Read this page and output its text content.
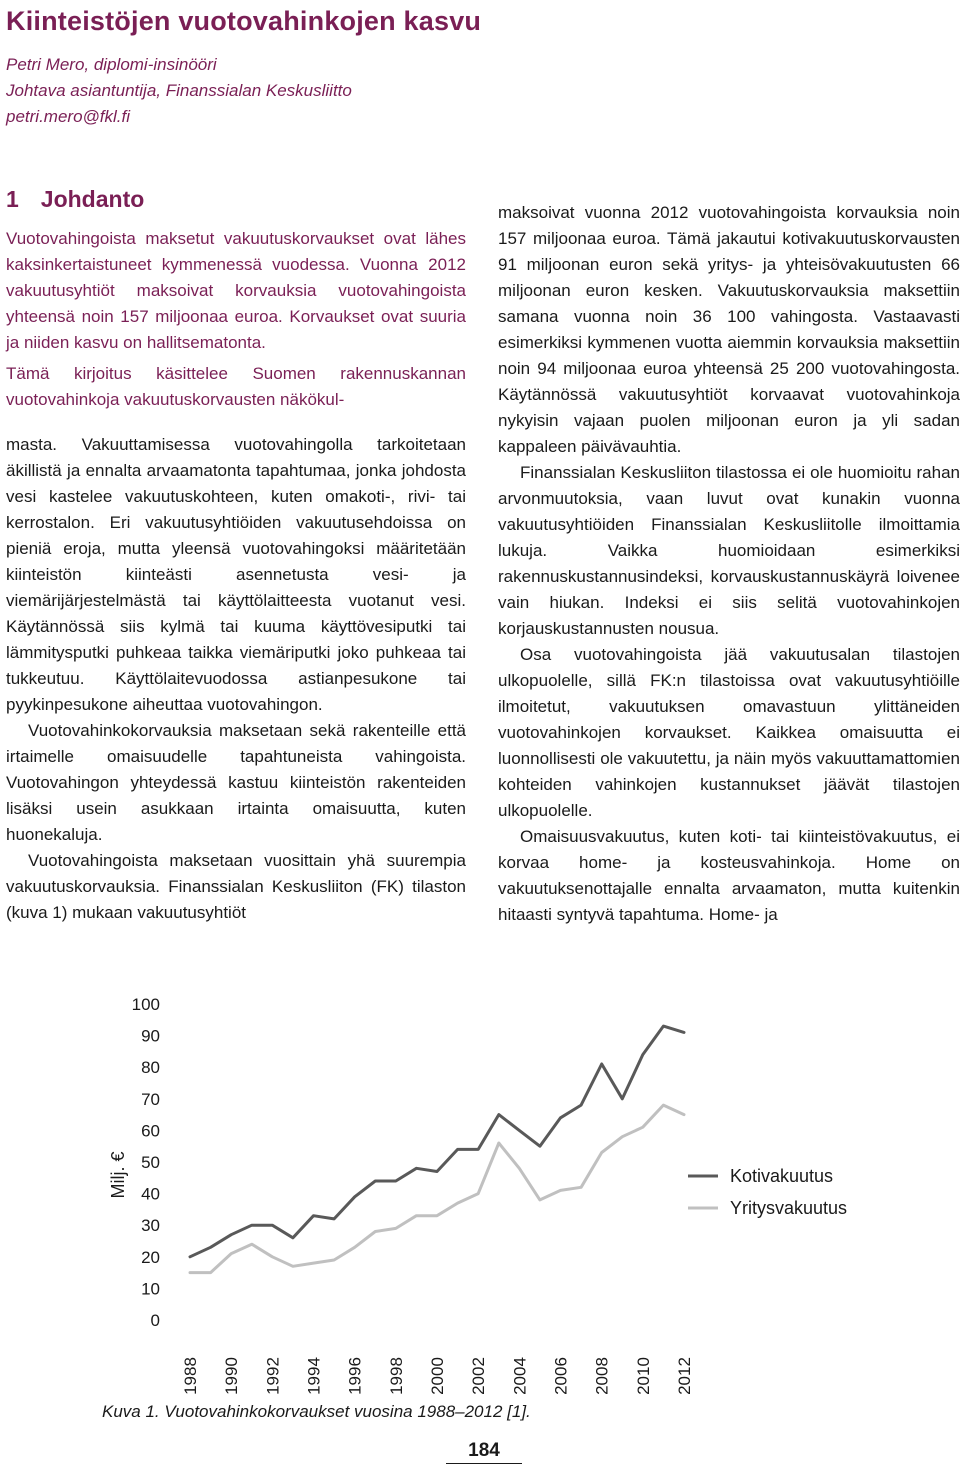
Kiinteistöjen vuotovahinkojen kasvu
Petri Mero, diplomi-insinööri
Johtava asiantuntija, Finanssialan Keskusliitto
petri.mero@fkl.fi
1 Johdanto

Vuotovahingoista maksetut vakuutuskorvaukset ovat lähes kaksinkertaistuneet kymmenessä vuodessa. Vuonna 2012 vakuutusyhtiöt maksoivat korvauksia vuotovahingoista yhteensä noin 157 miljoonaa euroa. Korvaukset ovat suuria ja niiden kasvu on hallitsematonta.

Tämä kirjoitus käsittelee Suomen rakennuskannan vuotovahinkoja vakuutuskorvausten näkökul-

masta. Vakuuttamisessa vuotovahingolla tarkoitetaan äkillistä ja ennalta arvaamatonta tapahtumaa, jonka johdosta vesi kastelee vakuutuskohteen, kuten omakoti-, rivi- tai kerrostalon. Eri vakuutusyhtiöiden vakuutusehdoissa on pieniä eroja, mutta yleensä vuotovahingoksi määritetään kiinteistön kiinteästi asennetusta vesi- ja viemärijärjestelmästä tai käyttölaitteesta vuotanut vesi. Käytännössä siis kylmä tai kuuma käyttövesiputki tai lämmitysputki puhkeaa taikka viemäriputki joko puhkeaa tai tukkeutuu. Käyttölaitevuodossa astianpesukone tai pyykinpesukone aiheuttaa vuotovahingon.

Vuotovahinkokorvauksia maksetaan sekä rakenteille että irtaimelle omaisuudelle tapahtuneista vahingoista. Vuotovahingon yhteydessä kastuu kiinteistön rakenteiden lisäksi usein asukkaan irtainta omaisuutta, kuten huonekaluja.

Vuotovahingoista maksetaan vuosittain yhä suurempia vakuutuskorvauksia. Finanssialan Keskusliiton (FK) tilaston (kuva 1) mukaan vakuutusyhtiöt

maksoivat vuonna 2012 vuotovahingoista korvauksia noin 157 miljoonaa euroa. Tämä jakautui kotivakuutuskorvausten 91 miljoonan euron sekä yritys- ja yhteisövakuutusten 66 miljoonan euron kesken. Vakuutuskorvauksia maksettiin samana vuonna noin 36 100 vahingosta. Vastaavasti esimerkiksi kymmenen vuotta aiemmin korvauksia maksettiin noin 94 miljoonaa euroa yhteensä 25 200 vuotovahingosta. Käytännössä vakuutusyhtiöt korvaavat vuotovahinkoja nykyisin vajaan puolen miljoonan euron ja yli sadan kappaleen päivävauhtia.

Finanssialan Keskusliiton tilastossa ei ole huomioitu rahan arvonmuutoksia, vaan luvut ovat kunakin vuonna vakuutusyhtiöiden Finanssialan Keskusliitolle ilmoittamia lukuja. Vaikka huomioidaan esimerkiksi rakennuskustannusindeksi, korvauskustannuskäyrä loivenee vain hiukan. Indeksi ei siis selitä vuotovahinkojen korjauskustannusten nousua.

Osa vuotovahingoista jää vakuutusalan tilastojen ulkopuolelle, sillä FK:n tilastoissa ovat vakuutusyhtiöille ilmoitetut, vakuutuksen omavastuun ylittäneiden vuotovahinkojen korvaukset. Kaikkea omaisuutta ei luonnollisesti ole vakuutettu, ja näin myös vakuuttamattomien kohteiden vahinkojen kustannukset jäävät tilastojen ulkopuolelle.

Omaisuusvakuutus, kuten koti- tai kiinteistövakuutus, ei korvaa home- ja kosteusvahinkoja. Home on vakuutuksenottajalle ennalta arvaamaton, mutta kuitenkin hitaasti syntyvä tapahtuma. Home- ja

0
10
20
30
40
50
60
70
80
90
100
Milj. €
1988 1990 1992 1994 1996 1998 2000 2002 2004 2006 2008 2010 2012
Kotivakuutus
Yritysvakuutus
Kuva 1. Vuotovahinkokorvaukset vuosina 1988–2012 [1].
184
